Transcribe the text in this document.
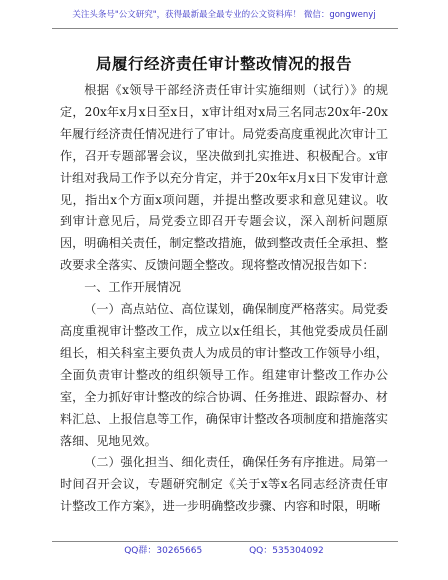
关注头条号"公文研究"，获得最新最全最专业的公文资料库！ 微信：gongwenyj
局履行经济责任审计整改情况的报告

根据《x领导干部经济责任审计实施细则（试行）》的规定，20x年x月x日至x日，x审计组对x局三名同志20x年-20x年履行经济责任情况进行了审计。局党委高度重视此次审计工作，召开专题部署会议，坚决做到扎实推进、积极配合。x审计组对我局工作予以充分肯定，并于20x年x月x日下发审计意见，指出x个方面x项问题，并提出整改要求和意见建议。收到审计意见后，局党委立即召开专题会议，深入剖析问题原因，明确相关责任，制定整改措施，做到整改责任全承担、整改要求全落实、反馈问题全整改。现将整改情况报告如下：

一、工作开展情况

（一）高点站位、高位谋划，确保制度严格落实。局党委高度重视审计整改工作，成立以x任组长，其他党委成员任副组长，相关科室主要负责人为成员的审计整改工作领导小组，全面负责审计整改的组织领导工作。组建审计整改工作办公室，全力抓好审计整改的综合协调、任务推进、跟踪督办、材料汇总、上报信息等工作，确保审计整改各项制度和措施落实落细、见地见效。

（二）强化担当、细化责任，确保任务有序推进。局第一时间召开会议，专题研究制定《关于x等x名同志经济责任审计整改工作方案》，进一步明确整改步骤、内容和时限，明晰

QQ群：30265665	QQ：535304092
